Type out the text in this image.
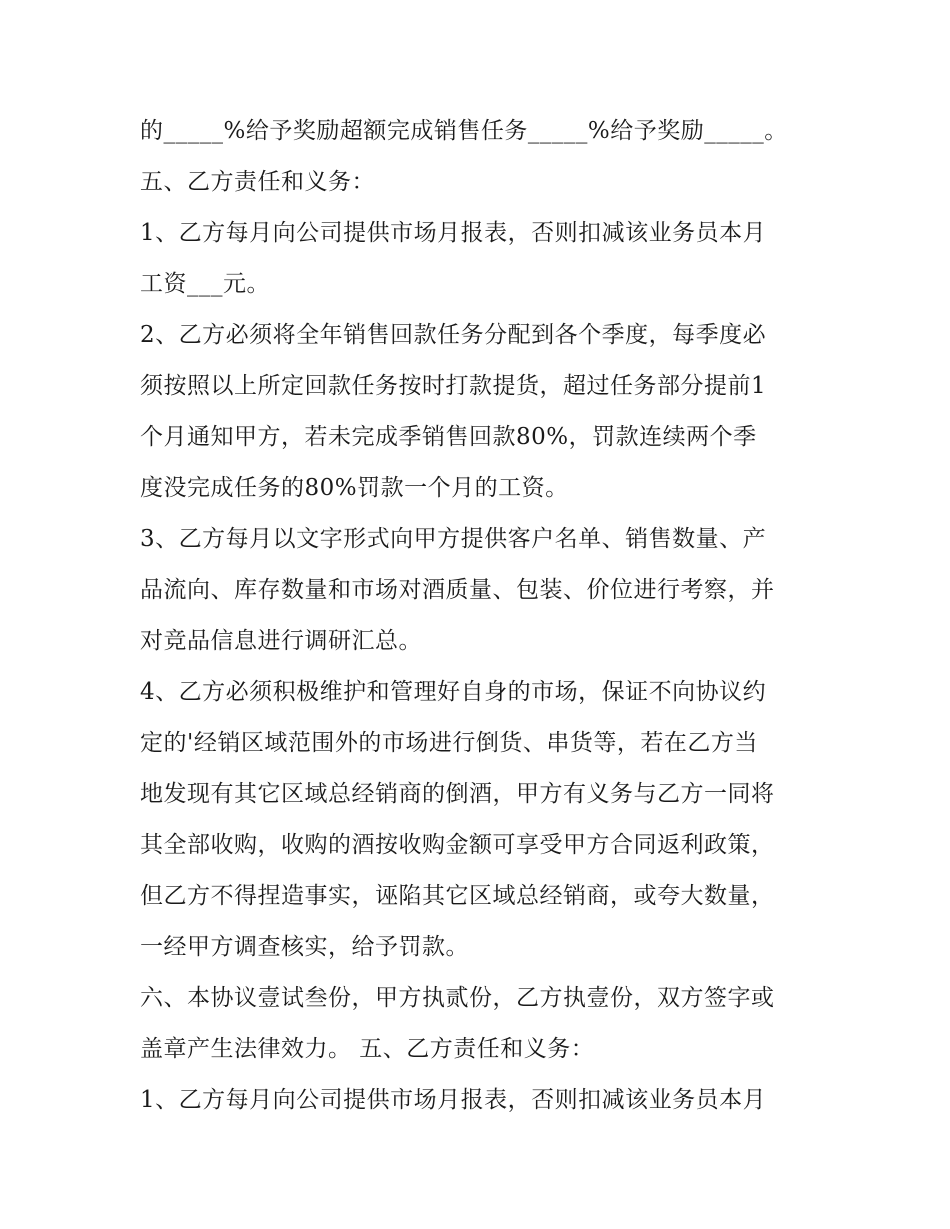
的_____%给予奖励超额完成销售任务_____%给予奖励_____。
五、乙方责任和义务：
1、乙方每月向公司提供市场月报表，否则扣减该业务员本月
工资___元。
2、乙方必须将全年销售回款任务分配到各个季度，每季度必
须按照以上所定回款任务按时打款提货，超过任务部分提前1
个月通知甲方，若未完成季销售回款80%，罚款连续两个季
度没完成任务的80%罚款一个月的工资。
3、乙方每月以文字形式向甲方提供客户名单、销售数量、产
品流向、库存数量和市场对酒质量、包装、价位进行考察，并
对竞品信息进行调研汇总。
4、乙方必须积极维护和管理好自身的市场，保证不向协议约
定的'经销区域范围外的市场进行倒货、串货等，若在乙方当
地发现有其它区域总经销商的倒酒，甲方有义务与乙方一同将
其全部收购，收购的酒按收购金额可享受甲方合同返利政策，
但乙方不得捏造事实，诬陷其它区域总经销商，或夸大数量，
一经甲方调查核实，给予罚款。
六、本协议壹试叁份，甲方执贰份，乙方执壹份，双方签字或
盖章产生法律效力。 五、乙方责任和义务：
1、乙方每月向公司提供市场月报表，否则扣减该业务员本月
